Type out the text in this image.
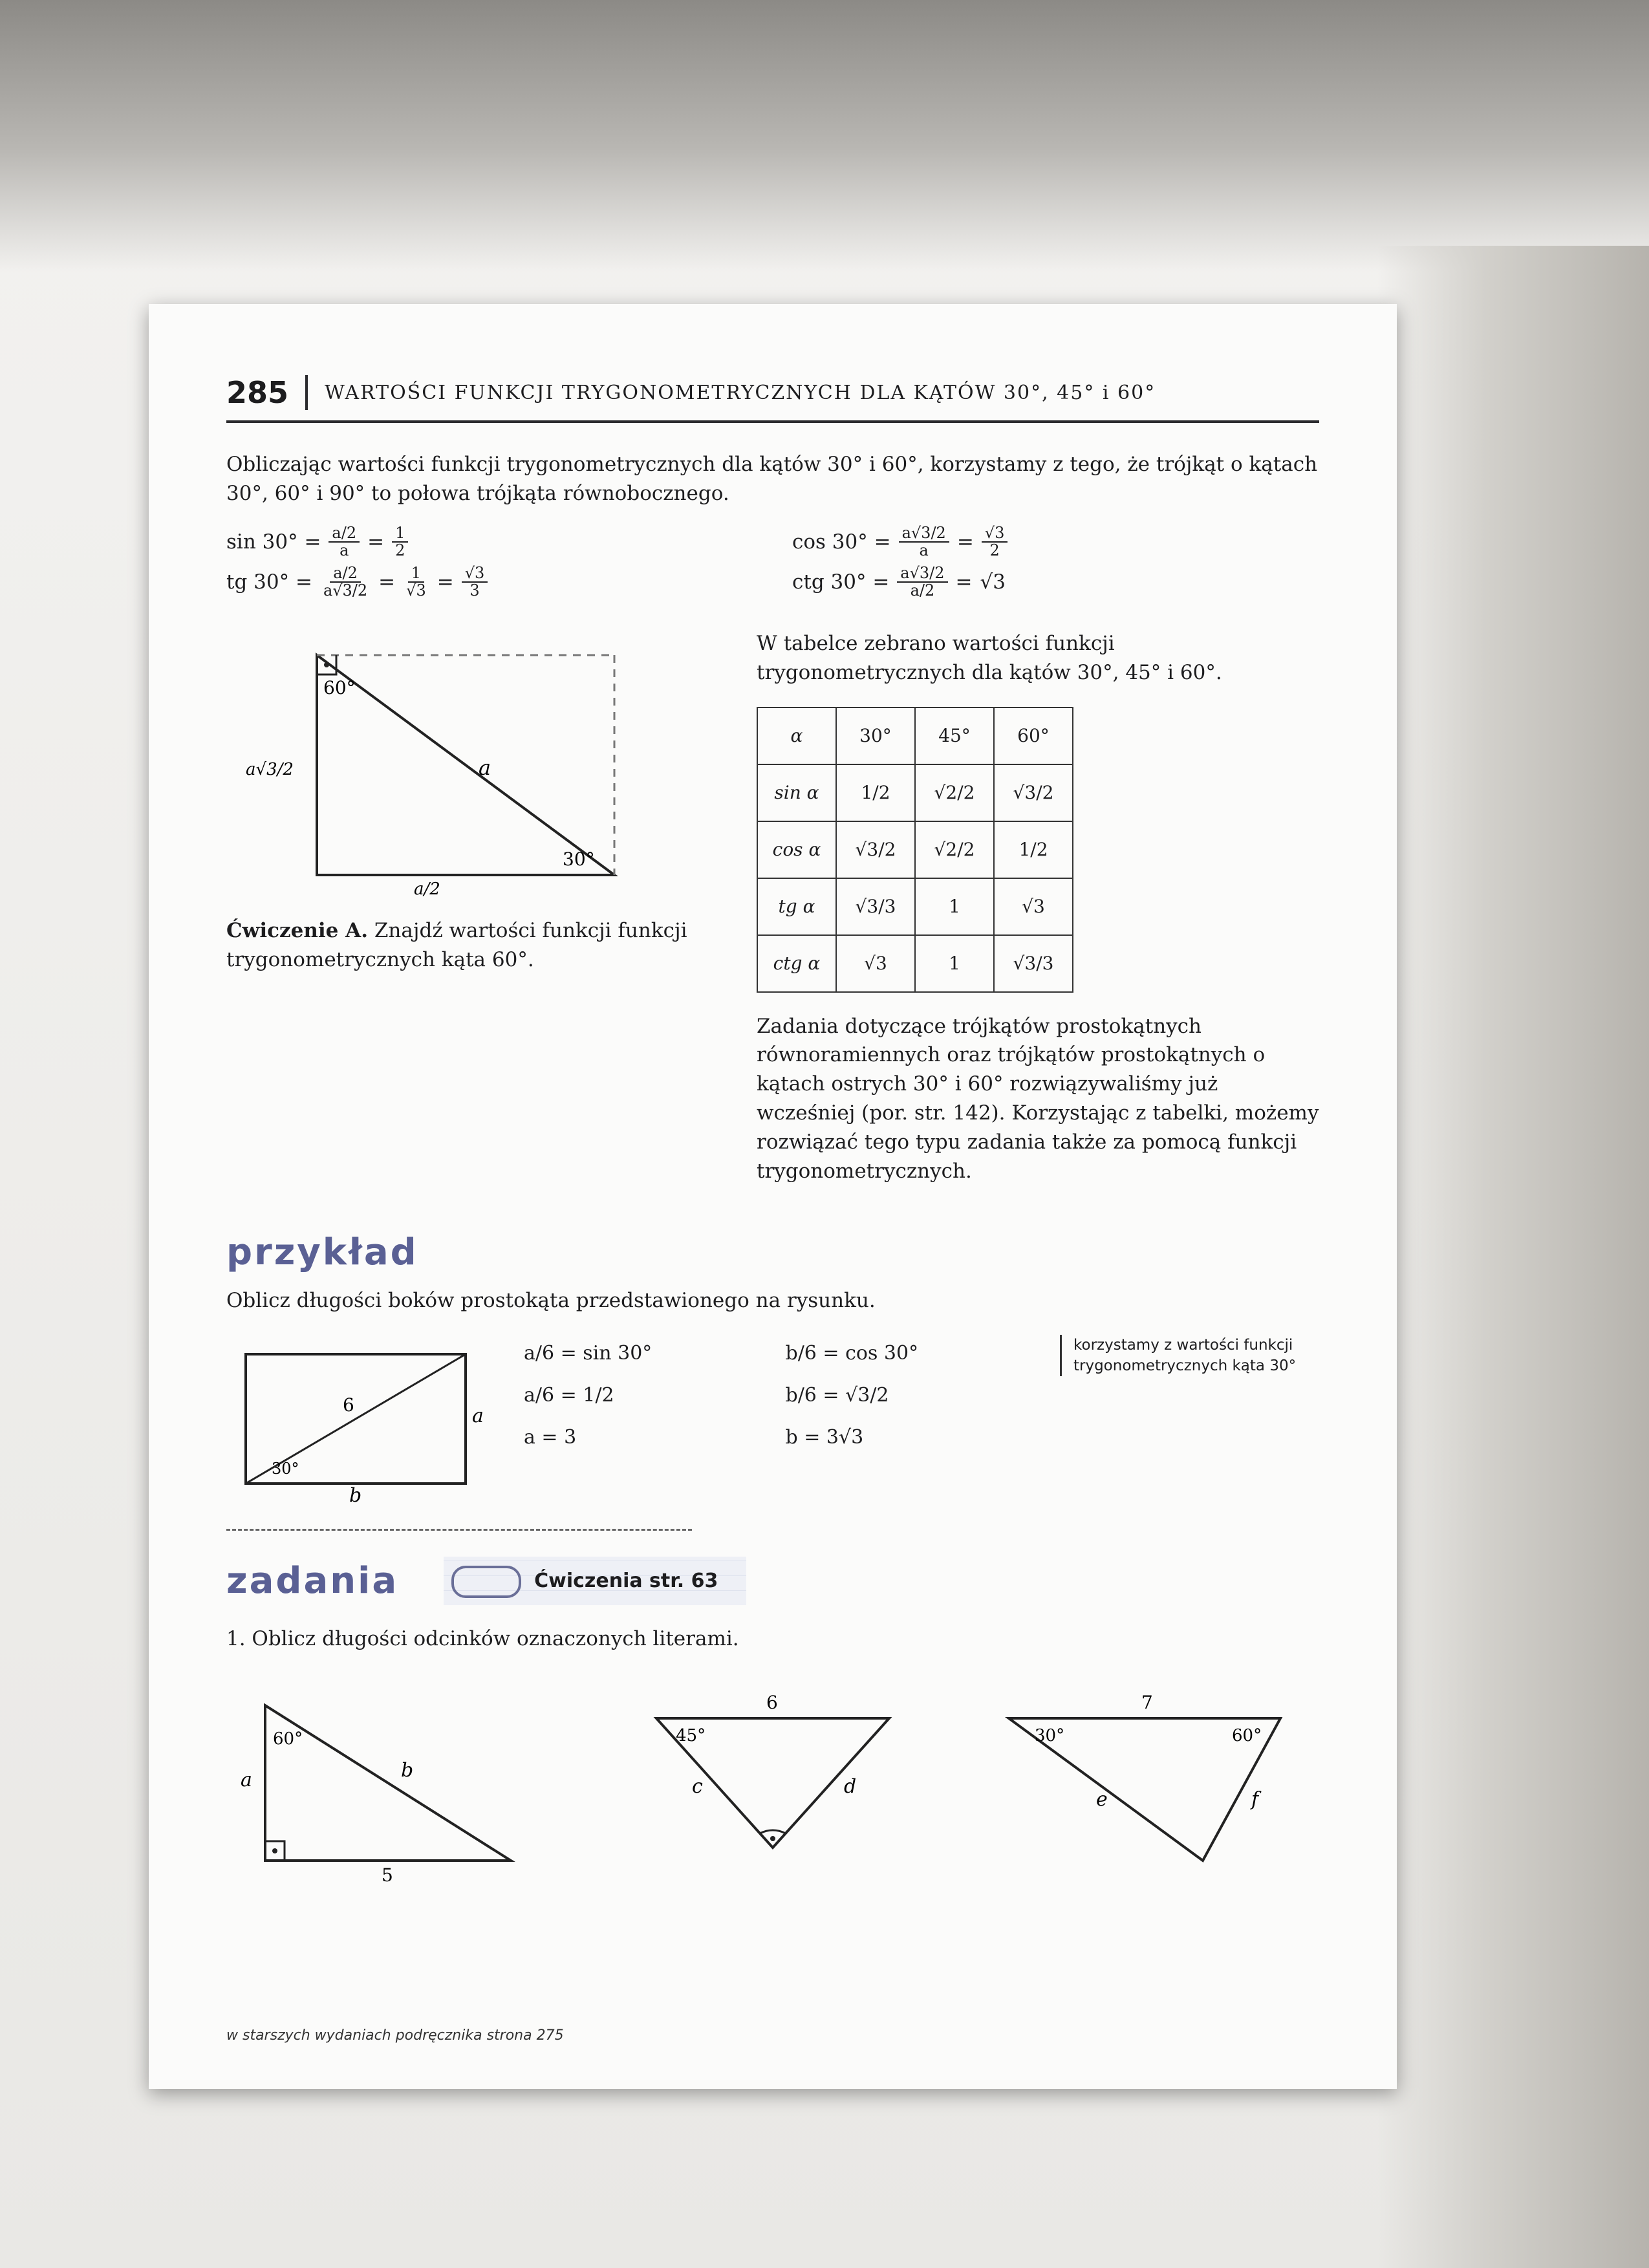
285	WARTOŚCI FUNKCJI TRYGONOMETRYCZNYCH DLA KĄTÓW 30°, 45° i 60°

Obliczając wartości funkcji trygonometrycznych dla kątów 30° i 60°, korzystamy z tego, że trójkąt o kątach 30°, 60° i 90° to połowa trójkąta równobocznego.

$\sin 30^\circ = \frac{a/2}{a} = \frac{1}{2}$	$\cos 30^\circ = \frac{a√3/2}{a} = \frac{√3}{2}$
tg $30^\circ = \frac{a/2}{a√3/2} = \frac{1}{√3} = \frac{√3}{3}$	ctg $30^\circ = \frac{a√3/2}{a/2} = √3$
a
30°
60°
a√3/2
a/2

Ćwiczenie A. Znajdź wartości funkcji funkcji trygonometrycznych kąta 60°.

W tabelce zebrano wartości funkcji trygonometrycznych dla kątów 30°, 45° i 60°.

α	30°	45°	60°
sin α	1/2	√2/2	√3/2
cos α	√3/2	√2/2	1/2
tg α	√3/3	1	√3
ctg α	√3	1	√3/3

Zadania dotyczące trójkątów prostokątnych równoramiennych oraz trójkątów prostokątnych o kątach ostrych 30° i 60° rozwiązywaliśmy już wcześniej (por. str. 142). Korzystając z tabelki, możemy rozwiązać tego typu zadania także za pomocą funkcji trygonometrycznych.

przykład

Oblicz długości boków prostokąta przedstawionego na rysunku.

a
b
6
30°
a/6 = sin 30°	b/6 = cos 30°
a/6 = 1/2	b/6 = √3/2
a = 3	b = 3√3
korzystamy z wartości funkcji trygonometrycznych kąta 30°
zadania	Ćwiczenia str. 63

1. Oblicz długości odcinków oznaczonych literami.

b
a
5
60°
6
c	d
45°
7
e	f
30°	60°
w starszych wydaniach podręcznika strona 275
